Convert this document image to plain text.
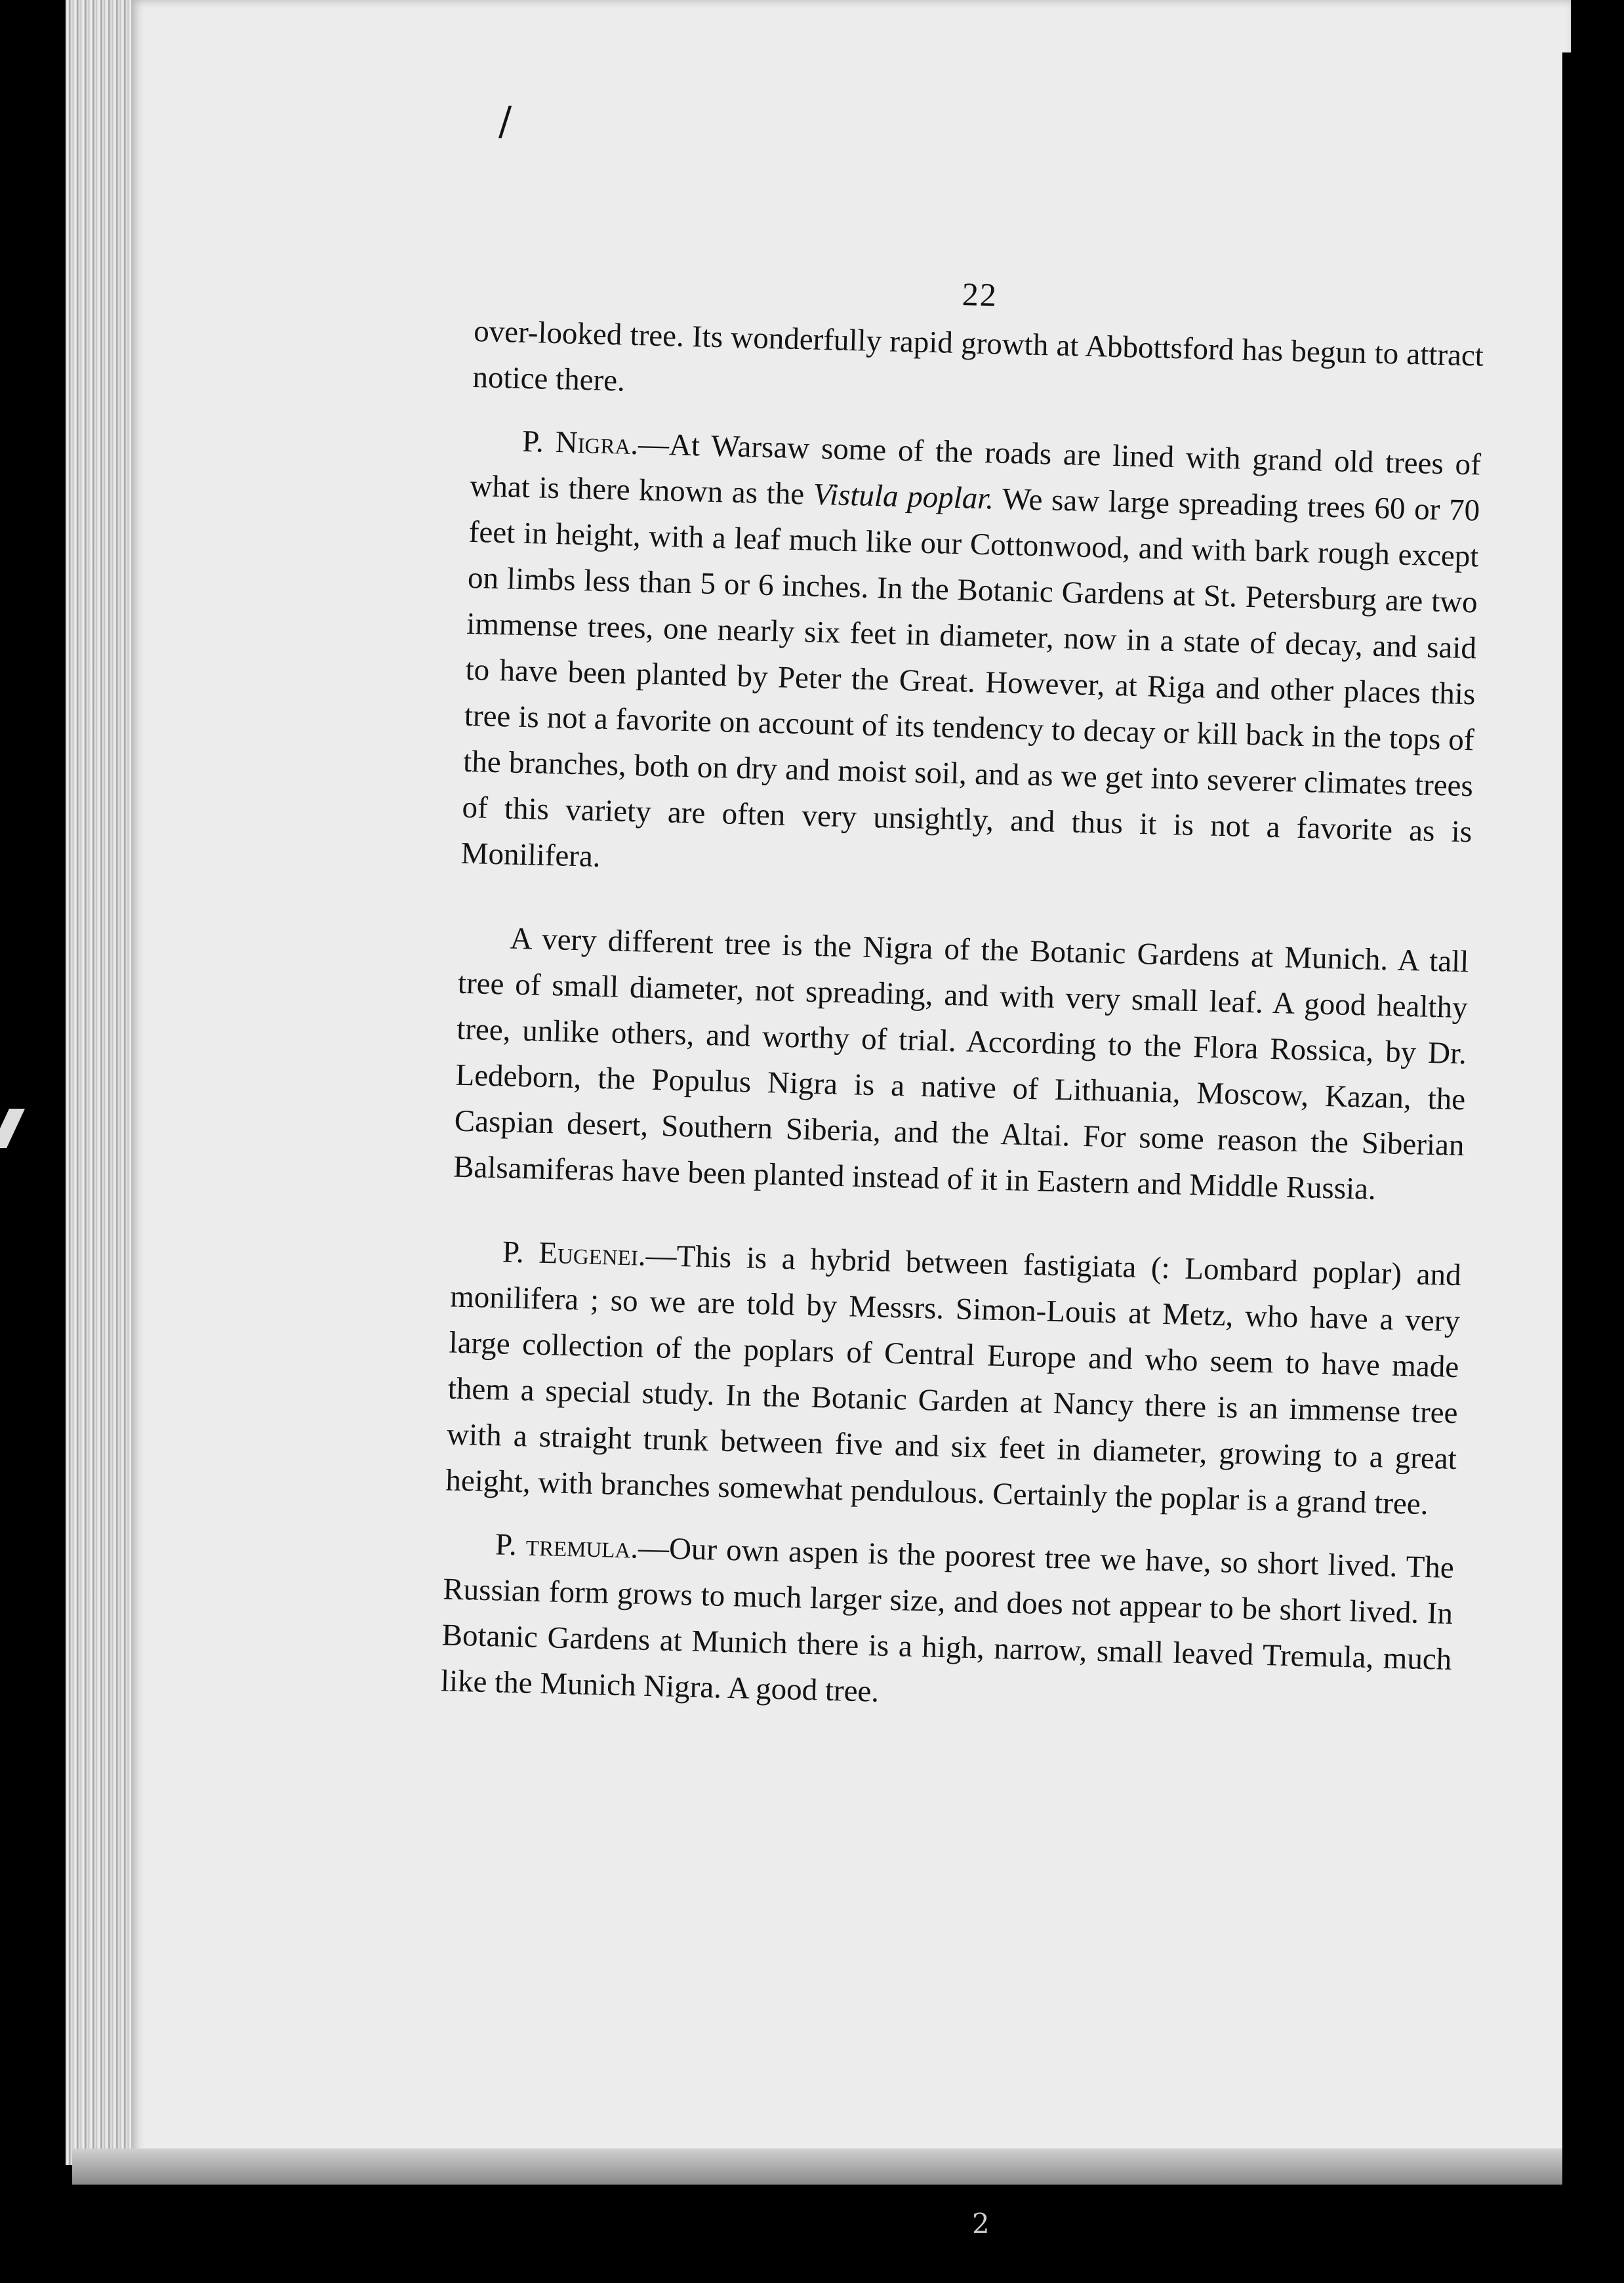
/
2
22

over-looked tree. Its wonderfully rapid growth at Abbottsford has begun to attract notice there.

P. Nigra.—At Warsaw some of the roads are lined with grand old trees of what is there known as the Vistula poplar. We saw large spreading trees 60 or 70 feet in height, with a leaf much like our Cottonwood, and with bark rough except on limbs less than 5 or 6 inches. In the Botanic Gardens at St. Petersburg are two immense trees, one nearly six feet in diameter, now in a state of decay, and said to have been planted by Peter the Great. However, at Riga and other places this tree is not a favorite on account of its tendency to decay or kill back in the tops of the branches, both on dry and moist soil, and as we get into severer climates trees of this variety are often very unsightly, and thus it is not a favorite as is Monilifera.

A very different tree is the Nigra of the Botanic Gardens at Munich. A tall tree of small diameter, not spreading, and with very small leaf. A good healthy tree, unlike others, and worthy of trial. According to the Flora Rossica, by Dr. Ledeborn, the Populus Nigra is a native of Lithuania, Moscow, Kazan, the Caspian desert, Southern Siberia, and the Altai. For some reason the Siberian Balsamiferas have been planted instead of it in Eastern and Middle Russia.

P. Eugenei.—This is a hybrid between fastigiata (: Lombard poplar) and monilifera ; so we are told by Messrs. Simon-Louis at Metz, who have a very large collection of the poplars of Central Europe and who seem to have made them a special study. In the Botanic Garden at Nancy there is an immense tree with a straight trunk between five and six feet in diameter, growing to a great height, with branches somewhat pendulous. Certainly the poplar is a grand tree.

P. tremula.—Our own aspen is the poorest tree we have, so short lived. The Russian form grows to much larger size, and does not appear to be short lived. In Botanic Gardens at Munich there is a high, narrow, small leaved Tremula, much like the Munich Nigra. A good tree.
